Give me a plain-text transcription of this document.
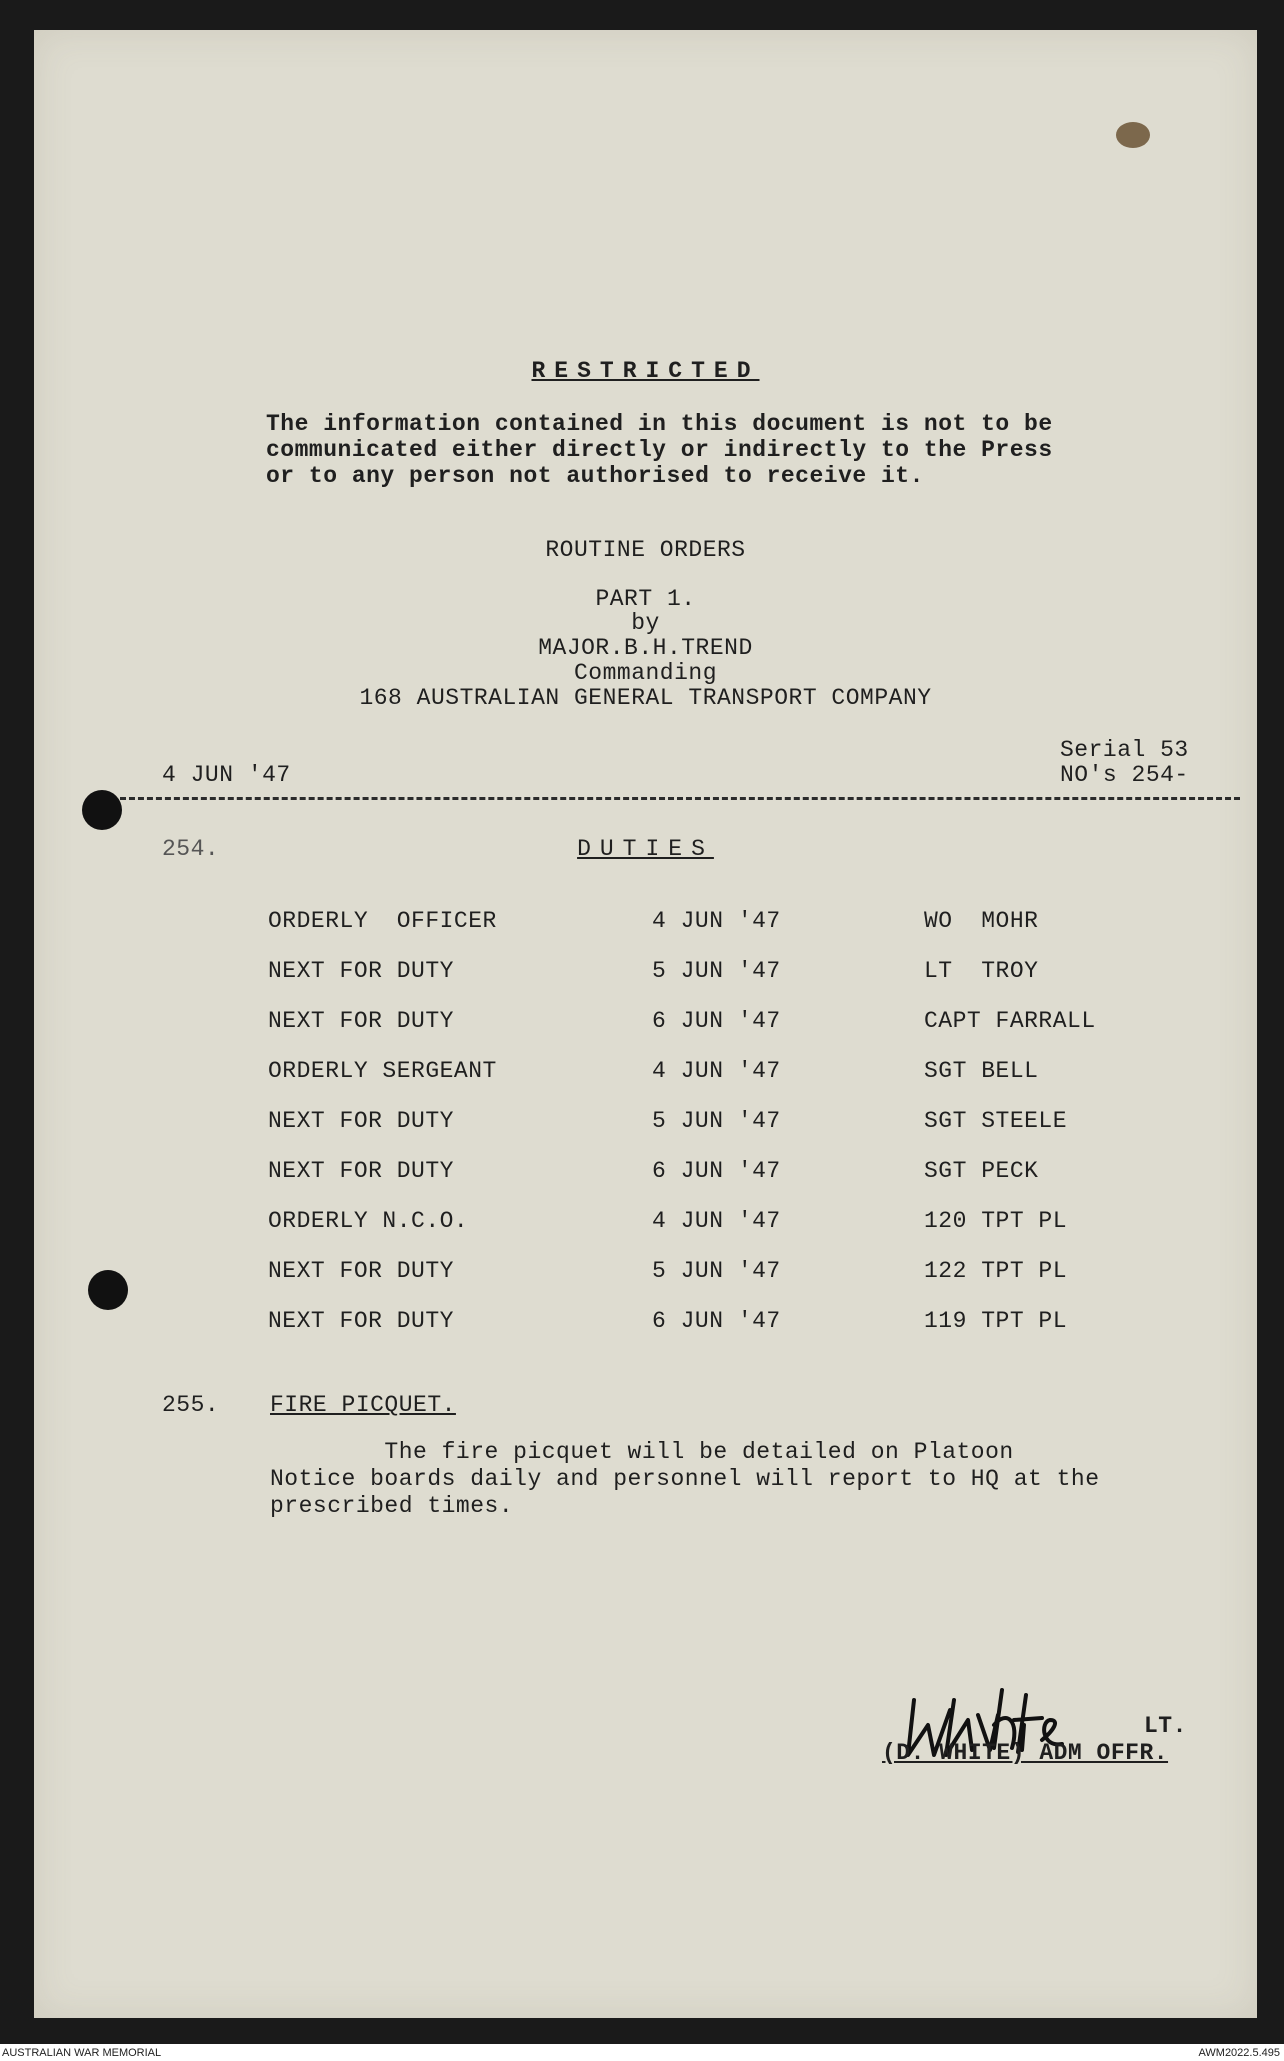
RESTRICTED
The information contained in this document is not to be
communicated either directly or indirectly to the Press
or to any person not authorised to receive it.
ROUTINE ORDERS
PART 1.
by
MAJOR.B.H.TREND
Commanding
168 AUSTRALIAN GENERAL TRANSPORT COMPANY
4 JUN '47
Serial 53
NO's 254-
254.	DUTIES
ORDERLY  OFFICER	4 JUN '47	WO  MOHR
NEXT FOR DUTY	5 JUN '47	LT  TROY
NEXT FOR DUTY	6 JUN '47	CAPT FARRALL
ORDERLY SERGEANT	4 JUN '47	SGT BELL
NEXT FOR DUTY	5 JUN '47	SGT STEELE
NEXT FOR DUTY	6 JUN '47	SGT PECK
ORDERLY N.C.O.	4 JUN '47	120 TPT PL
NEXT FOR DUTY	5 JUN '47	122 TPT PL
NEXT FOR DUTY	6 JUN '47	119 TPT PL
255. FIRE PICQUET.
The fire picquet will be detailed on Platoon
Notice boards daily and personnel will report to HQ at the
prescribed times.
LT.
(D. WHITE) ADM OFFR.
AUSTRALIAN WAR MEMORIAL	AWM2022.5.495
